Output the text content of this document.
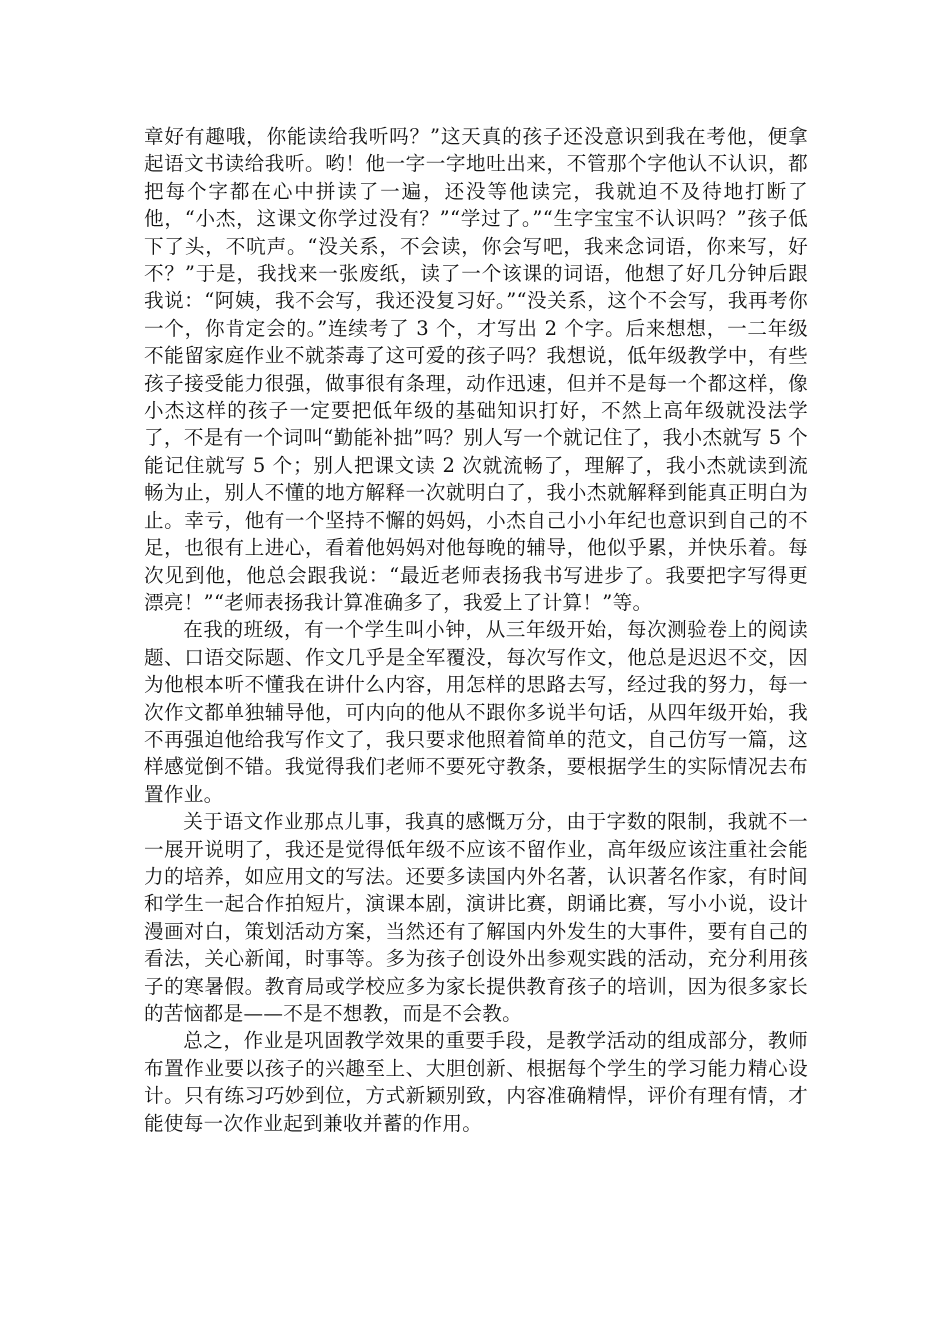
章好有趣哦，你能读给我听吗？”这天真的孩子还没意识到我在考他，便拿起语文书读给我听。哟！他一字一字地吐出来，不管那个字他认不认识，都把每个字都在心中拼读了一遍，还没等他读完，我就迫不及待地打断了他，“小杰，这课文你学过没有？”“学过了。”“生字宝宝不认识吗？”孩子低下了头，不吭声。“没关系，不会读，你会写吧，我来念词语，你来写，好不？”于是，我找来一张废纸，读了一个该课的词语，他想了好几分钟后跟我说：“阿姨，我不会写，我还没复习好。”“没关系，这个不会写，我再考你一个，你肯定会的。”连续考了 3 个，才写出 2 个字。后来想想，一二年级不能留家庭作业不就荼毒了这可爱的孩子吗？我想说，低年级教学中，有些孩子接受能力很强，做事很有条理，动作迅速，但并不是每一个都这样，像小杰这样的孩子一定要把低年级的基础知识打好，不然上高年级就没法学了，不是有一个词叫“勤能补拙”吗？别人写一个就记住了，我小杰就写 5 个能记住就写 5 个；别人把课文读 2 次就流畅了，理解了，我小杰就读到流畅为止，别人不懂的地方解释一次就明白了，我小杰就解释到能真正明白为止。幸亏，他有一个坚持不懈的妈妈，小杰自己小小年纪也意识到自己的不足，也很有上进心，看着他妈妈对他每晚的辅导，他似乎累，并快乐着。每次见到他，他总会跟我说：“最近老师表扬我书写进步了。我要把字写得更漂亮！”“老师表扬我计算准确多了，我爱上了计算！”等。

在我的班级，有一个学生叫小钟，从三年级开始，每次测验卷上的阅读题、口语交际题、作文几乎是全军覆没，每次写作文，他总是迟迟不交，因为他根本听不懂我在讲什么内容，用怎样的思路去写，经过我的努力，每一次作文都单独辅导他，可内向的他从不跟你多说半句话，从四年级开始，我不再强迫他给我写作文了，我只要求他照着简单的范文，自己仿写一篇，这样感觉倒不错。我觉得我们老师不要死守教条，要根据学生的实际情况去布置作业。

关于语文作业那点儿事，我真的感慨万分，由于字数的限制，我就不一一展开说明了，我还是觉得低年级不应该不留作业，高年级应该注重社会能力的培养，如应用文的写法。还要多读国内外名著，认识著名作家，有时间和学生一起合作拍短片，演课本剧，演讲比赛，朗诵比赛，写小小说，设计漫画对白，策划活动方案，当然还有了解国内外发生的大事件，要有自己的看法，关心新闻，时事等。多为孩子创设外出参观实践的活动，充分利用孩子的寒暑假。教育局或学校应多为家长提供教育孩子的培训，因为很多家长的苦恼都是——不是不想教，而是不会教。

总之，作业是巩固教学效果的重要手段，是教学活动的组成部分，教师布置作业要以孩子的兴趣至上、大胆创新、根据每个学生的学习能力精心设计。只有练习巧妙到位，方式新颖别致，内容准确精悍，评价有理有情，才能使每一次作业起到兼收并蓄的作用。
